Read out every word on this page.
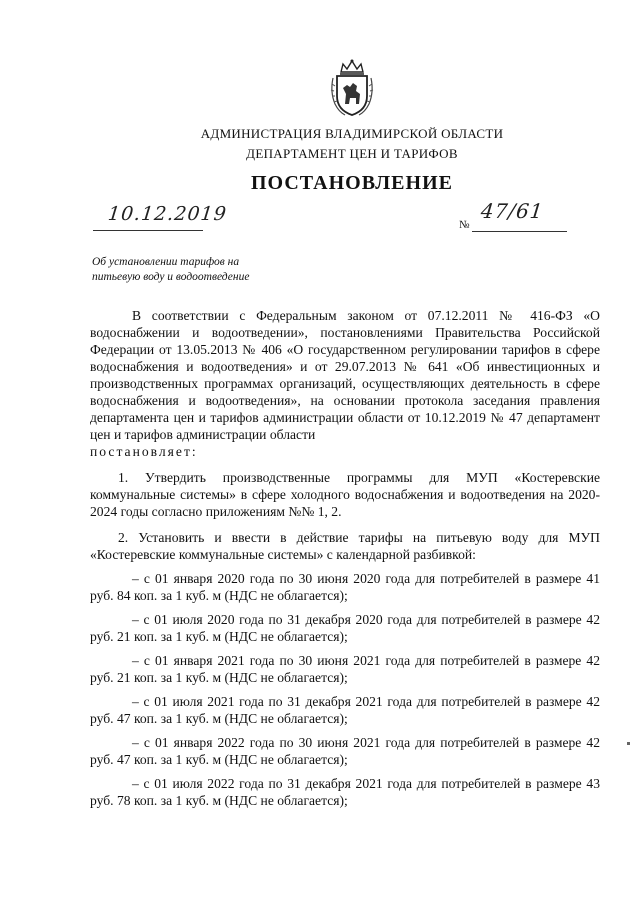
АДМИНИСТРАЦИЯ ВЛАДИМИРСКОЙ ОБЛАСТИ
ДЕПАРТАМЕНТ ЦЕН И ТАРИФОВ
ПОСТАНОВЛЕНИЕ
10.12.2019	№
47/61
Об установлении тарифов на
питьевую воду и водоотведение

В соответствии с Федеральным законом от 07.12.2011 № 416-ФЗ «О водоснабжении и водоотведении», постановлениями Правительства Российской Федерации от 13.05.2013 № 406 «О государственном регулировании тарифов в сфере водоснабжения и водоотведения» и от 29.07.2013 № 641 «Об инвестиционных и производственных программах организаций, осуществляющих деятельность в сфере водоснабжения и водоотведения», на основании протокола заседания правления департамента цен и тарифов администрации области от 10.12.2019 № 47 департамент цен и тарифов администрации области

постановляет:

1. Утвердить производственные программы для МУП «Костеревские коммунальные системы» в сфере холодного водоснабжения и водоотведения на 2020- 2024 годы согласно приложениям №№ 1, 2.

2. Установить и ввести в действие тарифы на питьевую воду для МУП «Костеревские коммунальные системы» с календарной разбивкой:

– с 01 января 2020 года по 30 июня 2020 года для потребителей в размере 41 руб. 84 коп. за 1 куб. м (НДС не облагается);

– с 01 июля 2020 года по 31 декабря 2020 года для потребителей в размере 42 руб. 21 коп. за 1 куб. м (НДС не облагается);

– с 01 января 2021 года по 30 июня 2021 года для потребителей в размере 42 руб. 21 коп. за 1 куб. м (НДС не облагается);

– с 01 июля 2021 года по 31 декабря 2021 года для потребителей в размере 42 руб. 47 коп. за 1 куб. м (НДС не облагается);

– с 01 января 2022 года по 30 июня 2021 года для потребителей в размере 42 руб. 47 коп. за 1 куб. м (НДС не облагается);

– с 01 июля 2022 года по 31 декабря 2021 года для потребителей в размере 43 руб. 78 коп. за 1 куб. м (НДС не облагается);
